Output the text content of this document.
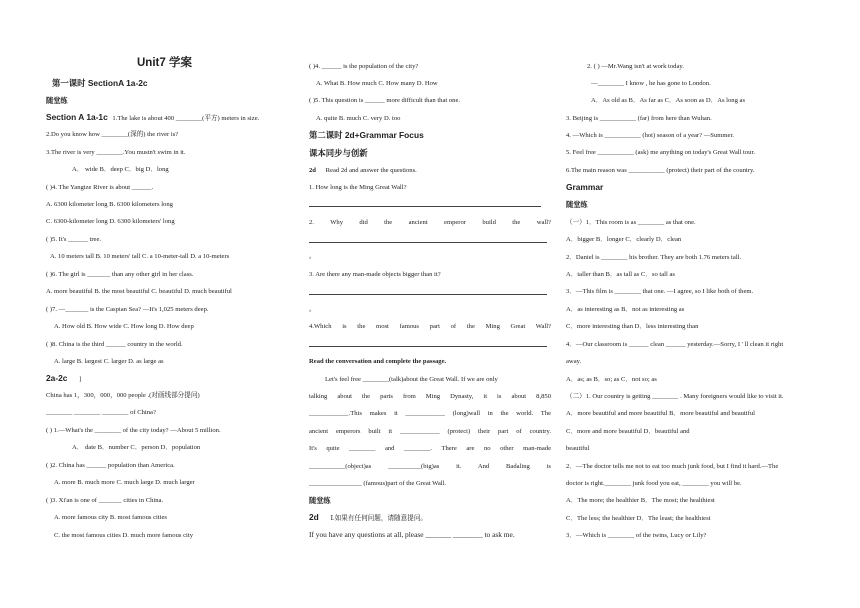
Unit7 学案
第一课时 SectionA 1a-2c
随堂练
Section A 1a-1c 1.The lake is about 400 ________(平方) meters in size.
2.Do you know how ________(深的) the river is?
3.The river is very ________.You mustn't swim in it.
A． wide B．deep C．big D．long
( )4. The Yangtze River is about ______.
A. 6300 kilometer long B. 6300 kilometers long
C. 6300-kilometer long D. 6300 kilometers' long
( )5. It's ______ tree.
A. 10 meters tall B. 10 meters' tall C. a 10-meter-tall D. a 10-meters
( )6. The girl is _______ than any other girl in her class.
A. more beautiful B. the most beautiful C. beautiful D. much beautiful
( )7. —_______ is the Caspian Sea? —It's 1,025 meters deep.
A. How old B. How wide C. How long D. How deep
( )8. China is the third ______ country in the world.
A. large B. largest C. larger D. as large as
2a-2c ]
China has 1，300，000，000 people .(对画线部分提问)
________ ________ ________ of China?
( ) 1.—What's the ________ of the city today? —About 5 million.
A． date B．number C．person D．population
( )2. China has ______ population than America.
A. more B. much more C. much large D. much larger
( )3. Xi'an is one of _______ cities in China.
A. more famous city B. most famous cities
C. the most famous cities D. much more famous city
( )4. ______ is the population of the city?
A. What B. How much C. How many D. How
( )5. This question is ______ more difficult than that one.
A. quite B. much C. very D. too
第二课时 2d+Grammar Focus
课本同步与创新
2d Read 2d and answer the questions.
1. How long is the Ming Great Wall?
2. Why did the ancient emperor build the wall?
。
3. Are there any man-made objects bigger than it?
。
4.Which is the most famous part of the Ming Great Wall?
Read the conversation and complete the passage.
Let's feel free ________(talk)about the Great Wall. If we are only
talking about the parts from Ming Dynasty, it is about 8,850
____________.This makes it ____________ (long)wall in the world. The
ancient emperors built it ____________ (protect) their part of country.
It's quite ________ and ________. There are no other man-made
___________(object)as __________(big)as it. And Badaling is
________________ (famous)part of the Great Wall.
随堂练
2d Ⅰ.如果有任何问题，请随意提问。
If you have any questions at all, please _______ ________ to ask me.
2. ( ) —Mr.Wang isn't at work today.
—________ I know , he has gone to London.
A．As old as B．As far as C．As soon as D．As long as
3. Beijing is ___________ (far) from here than Wuhan.
4. —Which is ___________ (hot) season of a year? —Summer.
5. Feel free ___________ (ask) me anything on today's Great Wall tour.
6.The main reason was ___________ (protect) their part of the country.
Grammar
随堂练
（一）1．This room is as ________ as that one.
A．bigger B．longer C．clearly D．clean
2．Daniel is ________ his brother. They are both 1.76 meters tall.
A．taller than B．as tall as C．so tall as
3．—This film is ________ that one. —I agree, so I like both of them.
A．as interesting as B．not as interesting as
C．more interesting than D．less interesting than
4．—Our classroom is ______ clean ______ yesterday.—Sorry, I ' ll clean it right
away.
A．as; as B．so; as C．not so; as
（二）1. Our country is getting ________ . Many foreigners would like to visit it.
A．more beautiful and more beautiful B．more beautiful and beautiful
C．more and more beautiful D．beautiful and
beautiful
2．—The doctor tells me not to eat too much junk food, but I find it hard.—The
doctor is right.________ junk food you eat, ________ you will be.
A．The more; the healthier B．The most; the healthiest
C．The less; the healthier D．The least; the healthiest
3．—Which is ________ of the twins, Lucy or Lily?
